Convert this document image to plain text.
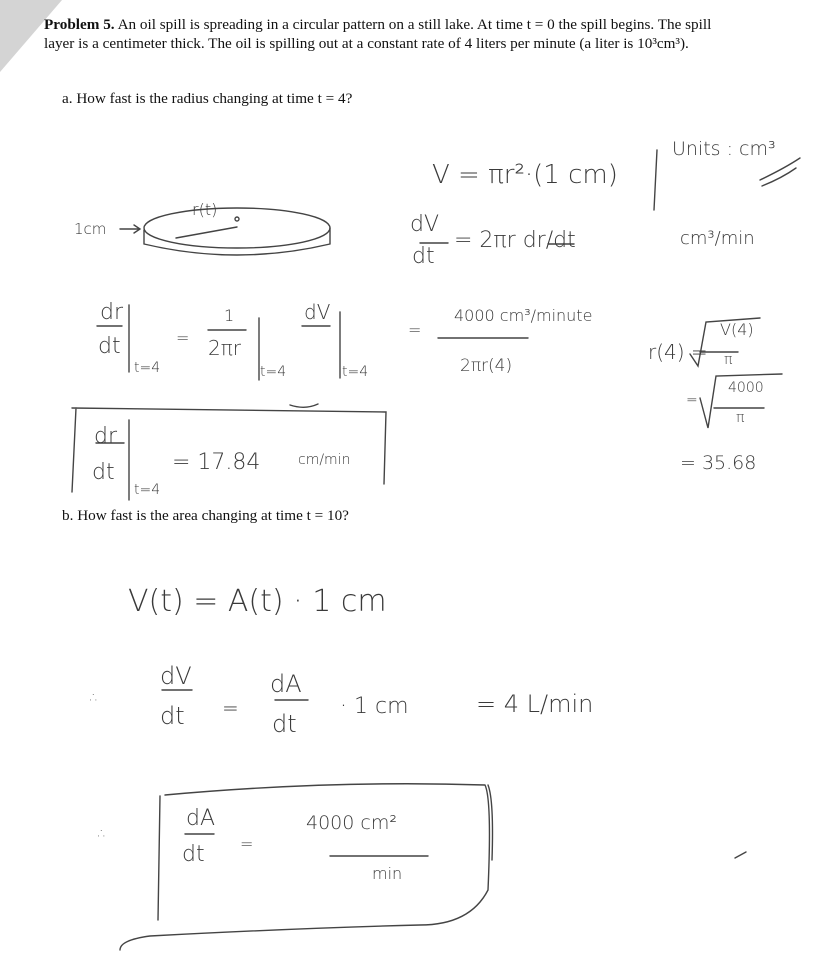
Problem 5. An oil spill is spreading in a circular pattern on a still lake. At time t = 0 the spill begins. The spill layer is a centimeter thick. The oil is spilling out at a constant rate of 4 liters per minute (a liter is 10³cm³).
a. How fast is the radius changing at time t = 4?
b. How fast is the area changing at time t = 10?
V = πr²·(1 cm)
Units : cm³
cm³/min
r(t)
1cm	dV
dt
= 2πr dr/dt
dr
dt
t=4
=
1
2πr
t=4
dV
t=4
=
4000 cm³/minute
2πr(4)
r(4) =
V(4)
π
=
4000
π
= 35.68
dr
dt
t=4
= 17.84	cm/min
V(t) = A(t) · 1 cm
∴
dV
dt =
dA
dt
· 1 cm	= 4 L/min
∴
dA
dt =
4000 cm²
min
